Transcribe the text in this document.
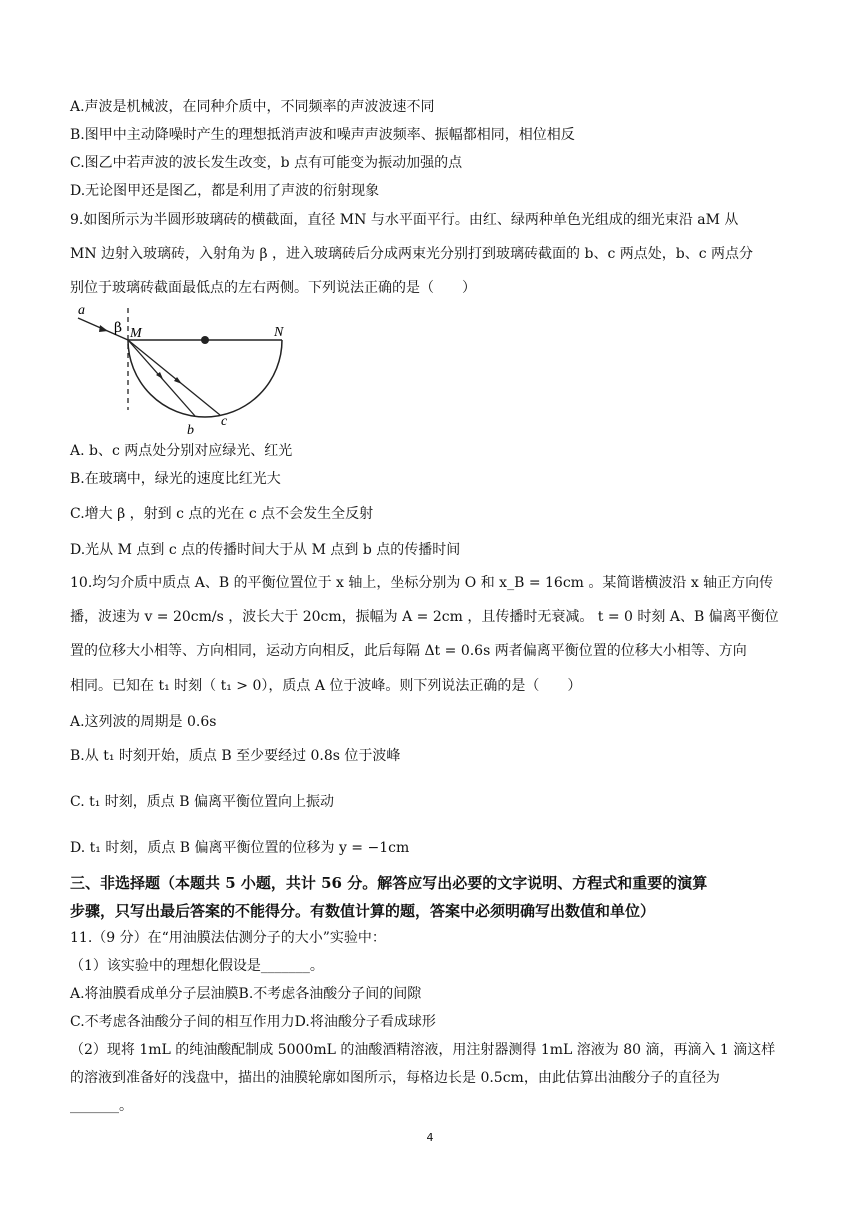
A.声波是机械波，在同种介质中，不同频率的声波波速不同
B.图甲中主动降噪时产生的理想抵消声波和噪声声波频率、振幅都相同，相位相反
C.图乙中若声波的波长发生改变，b 点有可能变为振动加强的点
D.无论图甲还是图乙，都是利用了声波的衍射现象
9.如图所示为半圆形玻璃砖的横截面，直径 MN 与水平面平行。由红、绿两种单色光组成的细光束沿 aM 从
MN 边射入玻璃砖，入射角为 β ，进入玻璃砖后分成两束光分别打到玻璃砖截面的 b、c 两点处，b、c 两点分
别位于玻璃砖截面最低点的左右两侧。下列说法正确的是（　　）
A. b、c 两点处分别对应绿光、红光
B.在玻璃中，绿光的速度比红光大
C.增大 β ，射到 c 点的光在 c 点不会发生全反射
D.光从 M 点到 c 点的传播时间大于从 M 点到 b 点的传播时间
10.均匀介质中质点 A、B 的平衡位置位于 x 轴上，坐标分别为 O 和 x_B = 16cm 。某简谐横波沿 x 轴正方向传
播，波速为 v = 20cm/s ，波长大于 20cm，振幅为 A = 2cm ，且传播时无衰减。 t = 0 时刻 A、B 偏离平衡位
置的位移大小相等、方向相同，运动方向相反，此后每隔 Δt = 0.6s 两者偏离平衡位置的位移大小相等、方向
相同。已知在 t₁ 时刻（ t₁ > 0），质点 A 位于波峰。则下列说法正确的是（　　）
A.这列波的周期是 0.6s
B.从 t₁ 时刻开始，质点 B 至少要经过 0.8s 位于波峰
C. t₁ 时刻，质点 B 偏离平衡位置向上振动
D. t₁ 时刻，质点 B 偏离平衡位置的位移为 y = −1cm
三、非选择题（本题共 5 小题，共计 56 分。解答应写出必要的文字说明、方程式和重要的演算
步骤，只写出最后答案的不能得分。有数值计算的题，答案中必须明确写出数值和单位）
11.（9 分）在“用油膜法估测分子的大小”实验中：
（1）该实验中的理想化假设是_______。
A.将油膜看成单分子层油膜B.不考虑各油酸分子间的间隙
C.不考虑各油酸分子间的相互作用力D.将油酸分子看成球形
（2）现将 1mL 的纯油酸配制成 5000mL 的油酸酒精溶液，用注射器测得 1mL 溶液为 80 滴，再滴入 1 滴这样
的溶液到准备好的浅盘中，描出的油膜轮廓如图所示，每格边长是 0.5cm，由此估算出油酸分子的直径为
_______。
a
β M	N
b
c
4
